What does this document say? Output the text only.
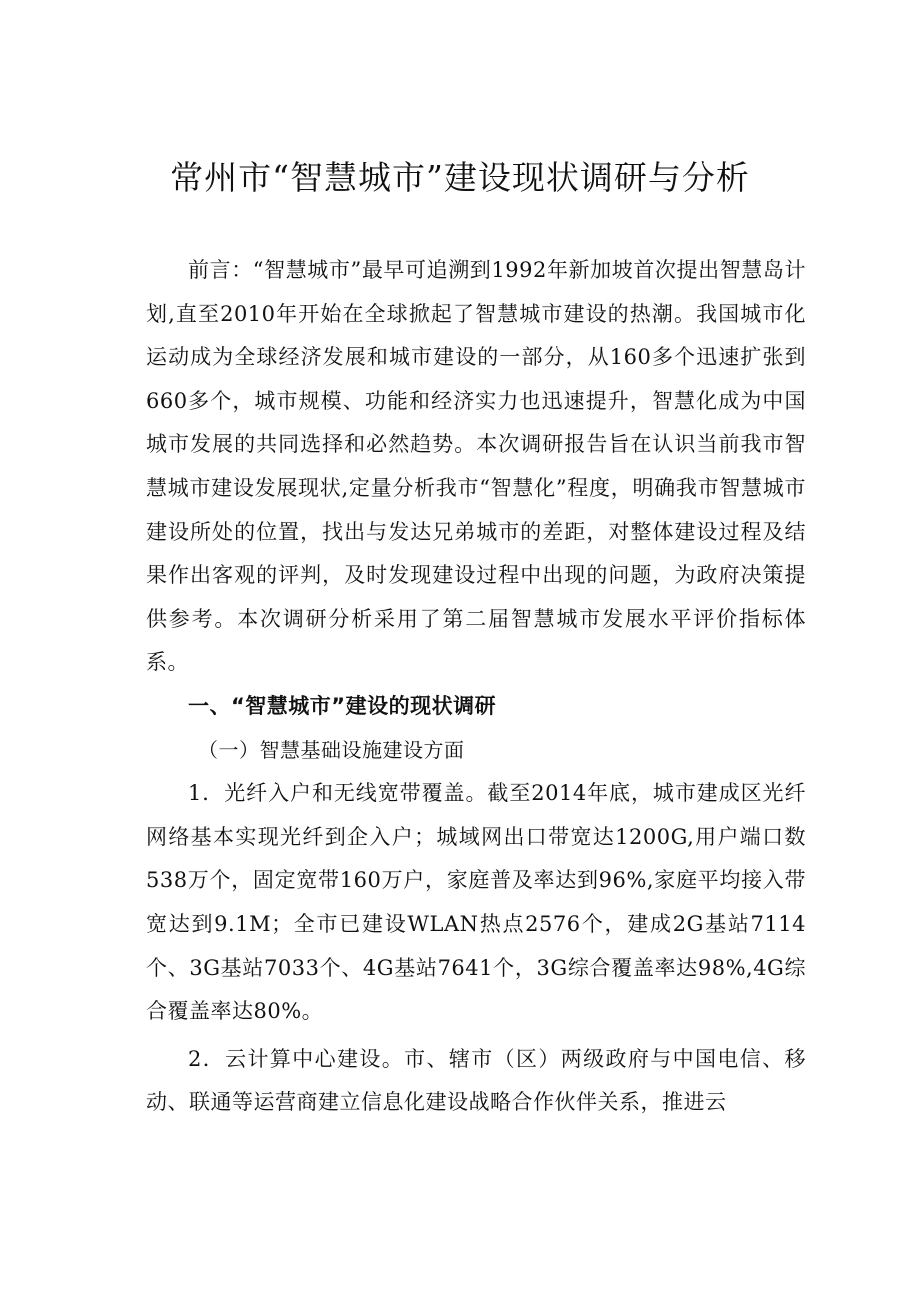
常州市“智慧城市”建设现状调研与分析

前言：“智慧城市”最早可追溯到1992年新加坡首次提出智慧岛计划,直至2010年开始在全球掀起了智慧城市建设的热潮。我国城市化运动成为全球经济发展和城市建设的一部分，从160多个迅速扩张到660多个，城市规模、功能和经济实力也迅速提升，智慧化成为中国城市发展的共同选择和必然趋势。本次调研报告旨在认识当前我市智慧城市建设发展现状,定量分析我市“智慧化”程度，明确我市智慧城市建设所处的位置，找出与发达兄弟城市的差距，对整体建设过程及结果作出客观的评判，及时发现建设过程中出现的问题，为政府决策提供参考。本次调研分析采用了第二届智慧城市发展水平评价指标体系。

一、“智慧城市”建设的现状调研
（一）智慧基础设施建设方面

1．光纤入户和无线宽带覆盖。截至2014年底，城市建成区光纤网络基本实现光纤到企入户；城域网出口带宽达1200G,用户端口数538万个，固定宽带160万户，家庭普及率达到96%,家庭平均接入带宽达到9.1M；全市已建设WLAN热点2576个，建成2G基站7114个、3G基站7033个、4G基站7641个，3G综合覆盖率达98%,4G综合覆盖率达80%。

2．云计算中心建设。市、辖市（区）两级政府与中国电信、移动、联通等运营商建立信息化建设战略合作伙伴关系，推进云
